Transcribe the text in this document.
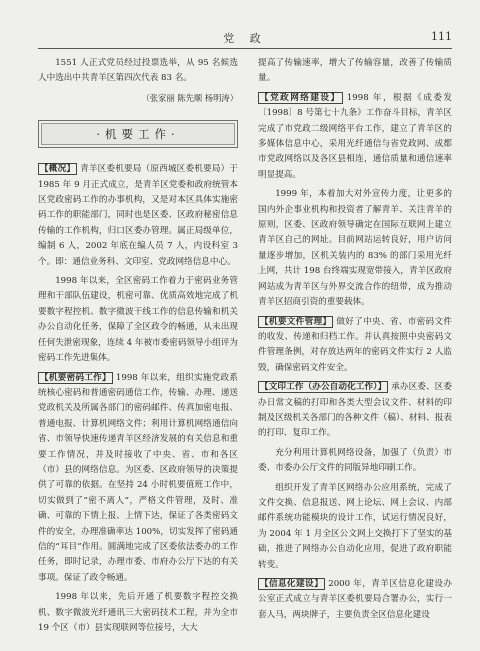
党 政	111

1551 人正式党员经过投票选举，从 95 名候选人中选出中共青羊区第四次代表 83 名。

（张家丽 陈先顺 杨明涛）
·机要工作·

【概况】 青羊区委机要局（原西城区委机要局）于 1985 年 9 月正式成立，是青羊区党委和政府统管本区党政密码工作的办事机构，又是对本区具体实施密码工作的职能部门，同时也是区委、区政府秘密信息传输的工作机构，归口区委办管理。属正局级单位，编制 6 人，2002 年底在编人员 7 人，内设科室 3 个。即：通信业务科、文印室、党政网络信息中心。

1998 年以来，全区密码工作着力于密码业务管理和干部队伍建设，机密可靠、优质高效地完成了机要数字程控机、数字微波干线工作的信息传输和机关办公自动化任务，保障了全区政令的畅通，从未出现任何失泄密现象，连续 4 年被市委密码领导小组评为密码工作先进集体。

【机要密码工作】 1998 年以来，组织实施党政系统核心密码和普通密码通信工作，传输、办理、递送党政机关及所属各部门的密码邮件、传真加密电报、普通电报、计算机网络文件；利用计算机网络通信向省、市领导快速传递青羊区经济发展的有关信息和重要工作情况，并及时接收了中央、省、市和各区（市）县的网络信息。为区委、区政府领导的决策提供了可靠的依据。在坚持 24 小时机要值班工作中，切实做到了“密不离人”，严格文件管理，及时、准确、可靠的下情上报、上情下达，保证了各类密码文件的安全，办理准确率达 100%，切实发挥了密码通信的“耳目”作用。圆满地完成了区委依法委办的工作任务，即时记录，办理市委、市府办公厅下达的有关事项。保证了政令畅通。

1998 年以来，先后开通了机要数字程控交换机、数字微波光纤通讯三大密码技术工程，并为全市 19 个区（市）县实现联网等位接号，大大

提高了传输速率，增大了传输容量，改善了传输质量。

【党政网络建设】 1998 年，根据《成委发〔1998〕8 号第七十九条》工作奋斗目标，青羊区完成了市党政二级网络平台工作，建立了青羊区的多媒体信息中心，采用光纤通信与省党政网、成都市党政网络以及各区县相连，通信质量和通信速率明显提高。

1999 年，本着加大对外宣传力度，让更多的国内外企事业机构和投资者了解青羊、关注青羊的原则，区委、区政府领导确定在国际互联网上建立青羊区自己的网址。目前网站运转良好，用户访问量逐步增加，区机关装内的 83% 的部门采用光纤上网，共计 198 台终端实现宽带接入，青羊区政府网站成为青羊区与外界交流合作的纽带，成为推动青羊区招商引资的重要载体。

【机要文件管理】 做好了中央、省、市密码文件的收发、传递和归档工作。并认真按照中央密码文件管理条例，对存放达两年的密码文件实行 2 人监毁，确保密码文件安全。

【文印工作（办公自动化工作）】 承办区委、区委办日常文稿的打印和各类大型会议文件、材料的印制及区级机关各部门的各种文件（稿）、材料、报表的打印、复印工作。

充分利用计算机网络设备，加强了（负责）市委、市委办公厅文件的同版异地印刷工作。

组织开发了青羊区网络办公应用系统，完成了文件交换、信息报送、网上论坛、网上会议、内部邮件系统功能模块的设计工作，试运行情况良好，为 2004 年 1 月全区公文网上交换打下了坚实的基础，推进了网络办公自动化应用，促进了政府职能转变。

【信息化建设】 2000 年，青羊区信息化建设办公室正式成立与青羊区委机要局合署办公，实行一套人马，两块牌子，主要负责全区信息化建设
